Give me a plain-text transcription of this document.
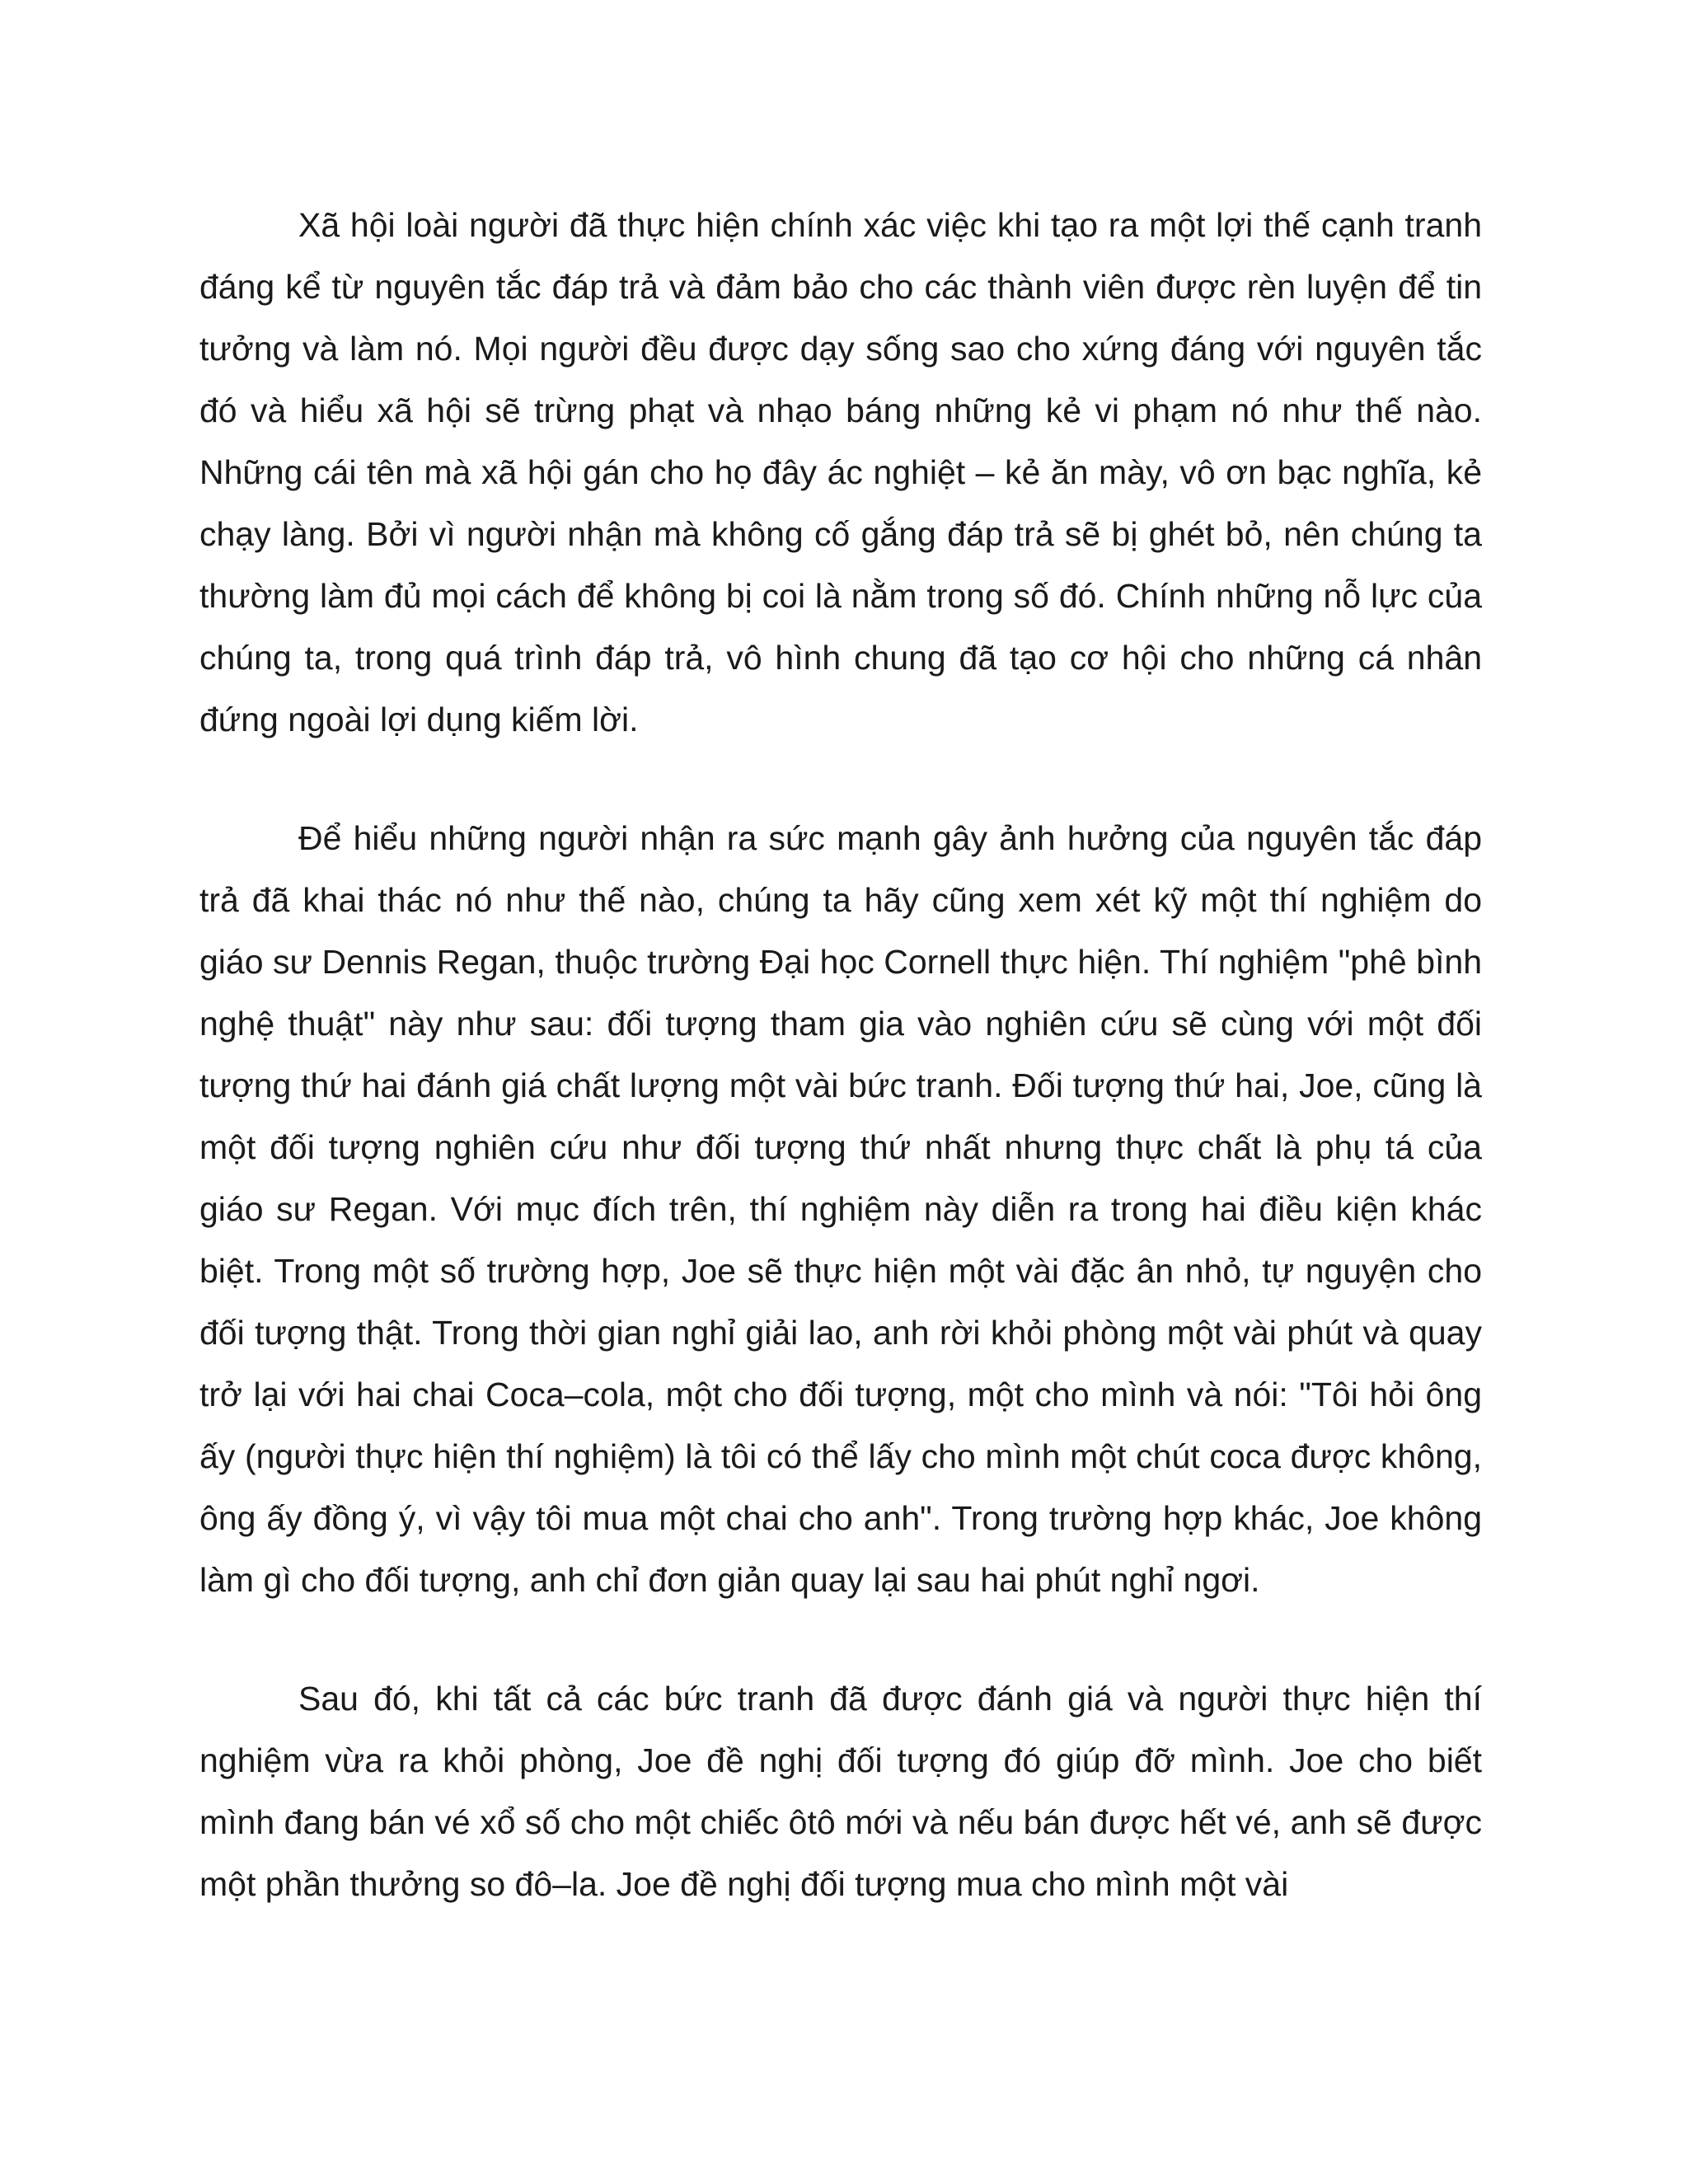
Xã hội loài người đã thực hiện chính xác việc khi tạo ra một lợi thế cạnh tranh đáng kể từ nguyên tắc đáp trả và đảm bảo cho các thành viên được rèn luyện để tin tưởng và làm nó. Mọi người đều được dạy sống sao cho xứng đáng với nguyên tắc đó và hiểu xã hội sẽ trừng phạt và nhạo báng những kẻ vi phạm nó như thế nào. Những cái tên mà xã hội gán cho họ đây ác nghiệt – kẻ ăn mày, vô ơn bạc nghĩa, kẻ chạy làng. Bởi vì người nhận mà không cố gắng đáp trả sẽ bị ghét bỏ, nên chúng ta thường làm đủ mọi cách để không bị coi là nằm trong số đó. Chính những nỗ lực của chúng ta, trong quá trình đáp trả, vô hình chung đã tạo cơ hội cho những cá nhân đứng ngoài lợi dụng kiếm lời.

Để hiểu những người nhận ra sức mạnh gây ảnh hưởng của nguyên tắc đáp trả đã khai thác nó như thế nào, chúng ta hãy cũng xem xét kỹ một thí nghiệm do giáo sư Dennis Regan, thuộc trường Đại học Cornell thực hiện. Thí nghiệm "phê bình nghệ thuật" này như sau: đối tượng tham gia vào nghiên cứu sẽ cùng với một đối tượng thứ hai đánh giá chất lượng một vài bức tranh. Đối tượng thứ hai, Joe, cũng là một đối tượng nghiên cứu như đối tượng thứ nhất nhưng thực chất là phụ tá của giáo sư Regan. Với mục đích trên, thí nghiệm này diễn ra trong hai điều kiện khác biệt. Trong một số trường hợp, Joe sẽ thực hiện một vài đặc ân nhỏ, tự nguyện cho đối tượng thật. Trong thời gian nghỉ giải lao, anh rời khỏi phòng một vài phút và quay trở lại với hai chai Coca–cola, một cho đối tượng, một cho mình và nói: "Tôi hỏi ông ấy (người thực hiện thí nghiệm) là tôi có thể lấy cho mình một chút coca được không, ông ấy đồng ý, vì vậy tôi mua một chai cho anh". Trong trường hợp khác, Joe không làm gì cho đối tượng, anh chỉ đơn giản quay lại sau hai phút nghỉ ngơi.

Sau đó, khi tất cả các bức tranh đã được đánh giá và người thực hiện thí nghiệm vừa ra khỏi phòng, Joe đề nghị đối tượng đó giúp đỡ mình. Joe cho biết mình đang bán vé xổ số cho một chiếc ôtô mới và nếu bán được hết vé, anh sẽ được một phần thưởng so đô–la. Joe đề nghị đối tượng mua cho mình một vài
